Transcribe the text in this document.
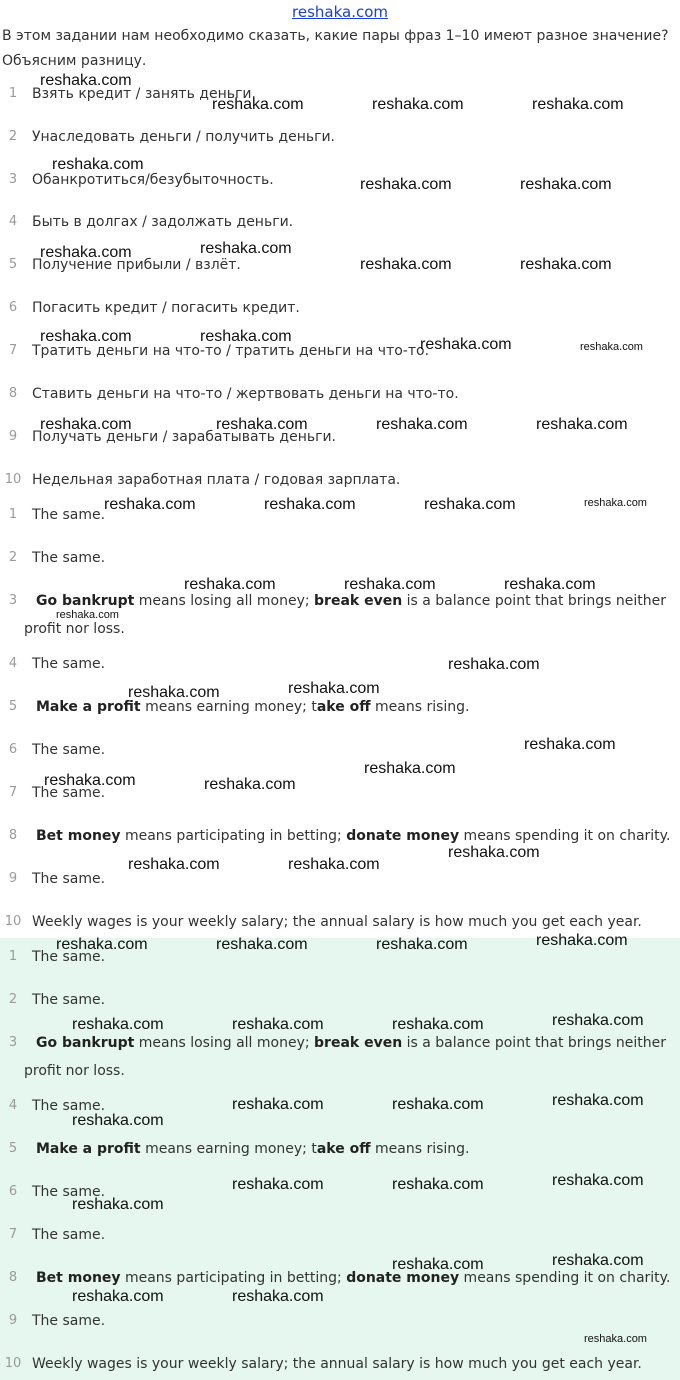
reshaka.com
В этом задании нам необходимо сказать, какие пары фраз 1–10 имеют разное значение?
Объясним разницу.
1	Взять кредит / занять деньги.
2	Унаследовать деньги / получить деньги.
3	Обанкротиться/безубыточность.
4	Быть в долгах / задолжать деньги.
5	Получение прибыли / взлёт.
6	Погасить кредит / погасить кредит.
7	Тратить деньги на что-то / тратить деньги на что-то.
8	Ставить деньги на что-то / жертвовать деньги на что-то.
9	Получать деньги / зарабатывать деньги.
10 Недельная заработная плата / годовая зарплата.
1	The same.
2	The same.
3	Go bankrupt means losing all money; break even is a balance point that brings neither profit nor loss.
4	The same.
5	Make a profit means earning money; take off means rising.
6	The same.
7	The same.
8	Bet money means participating in betting; donate money means spending it on charity.
9	The same.
10 Weekly wages is your weekly salary; the annual salary is how much you get each year.
1	The same.
2	The same.
3	Go bankrupt means losing all money; break even is a balance point that brings neither profit nor loss.
4	The same.
5	Make a profit means earning money; take off means rising.
6	The same.
7	The same.
8	Bet money means participating in betting; donate money means spending it on charity.
9	The same.
10 Weekly wages is your weekly salary; the annual salary is how much you get each year.
reshaka.com
reshaka.com	reshaka.com	reshaka.com
reshaka.com
reshaka.com	reshaka.com
reshaka.com	reshaka.com
reshaka.com	reshaka.com
reshaka.com	reshaka.com	reshaka.com	reshaka.com
reshaka.com	reshaka.com	reshaka.com	reshaka.com
reshaka.com	reshaka.com	reshaka.com	reshaka.com
reshaka.com	reshaka.com	reshaka.com
reshaka.com
reshaka.com
reshaka.com	reshaka.com
reshaka.com
reshaka.com
reshaka.com	reshaka.com
reshaka.com
reshaka.com	reshaka.com
reshaka.com	reshaka.com	reshaka.com	reshaka.com
reshaka.com	reshaka.com	reshaka.com	reshaka.com
reshaka.com	reshaka.com	reshaka.com
reshaka.com
reshaka.com	reshaka.com	reshaka.com
reshaka.com
reshaka.com	reshaka.com
reshaka.com	reshaka.com
reshaka.com
